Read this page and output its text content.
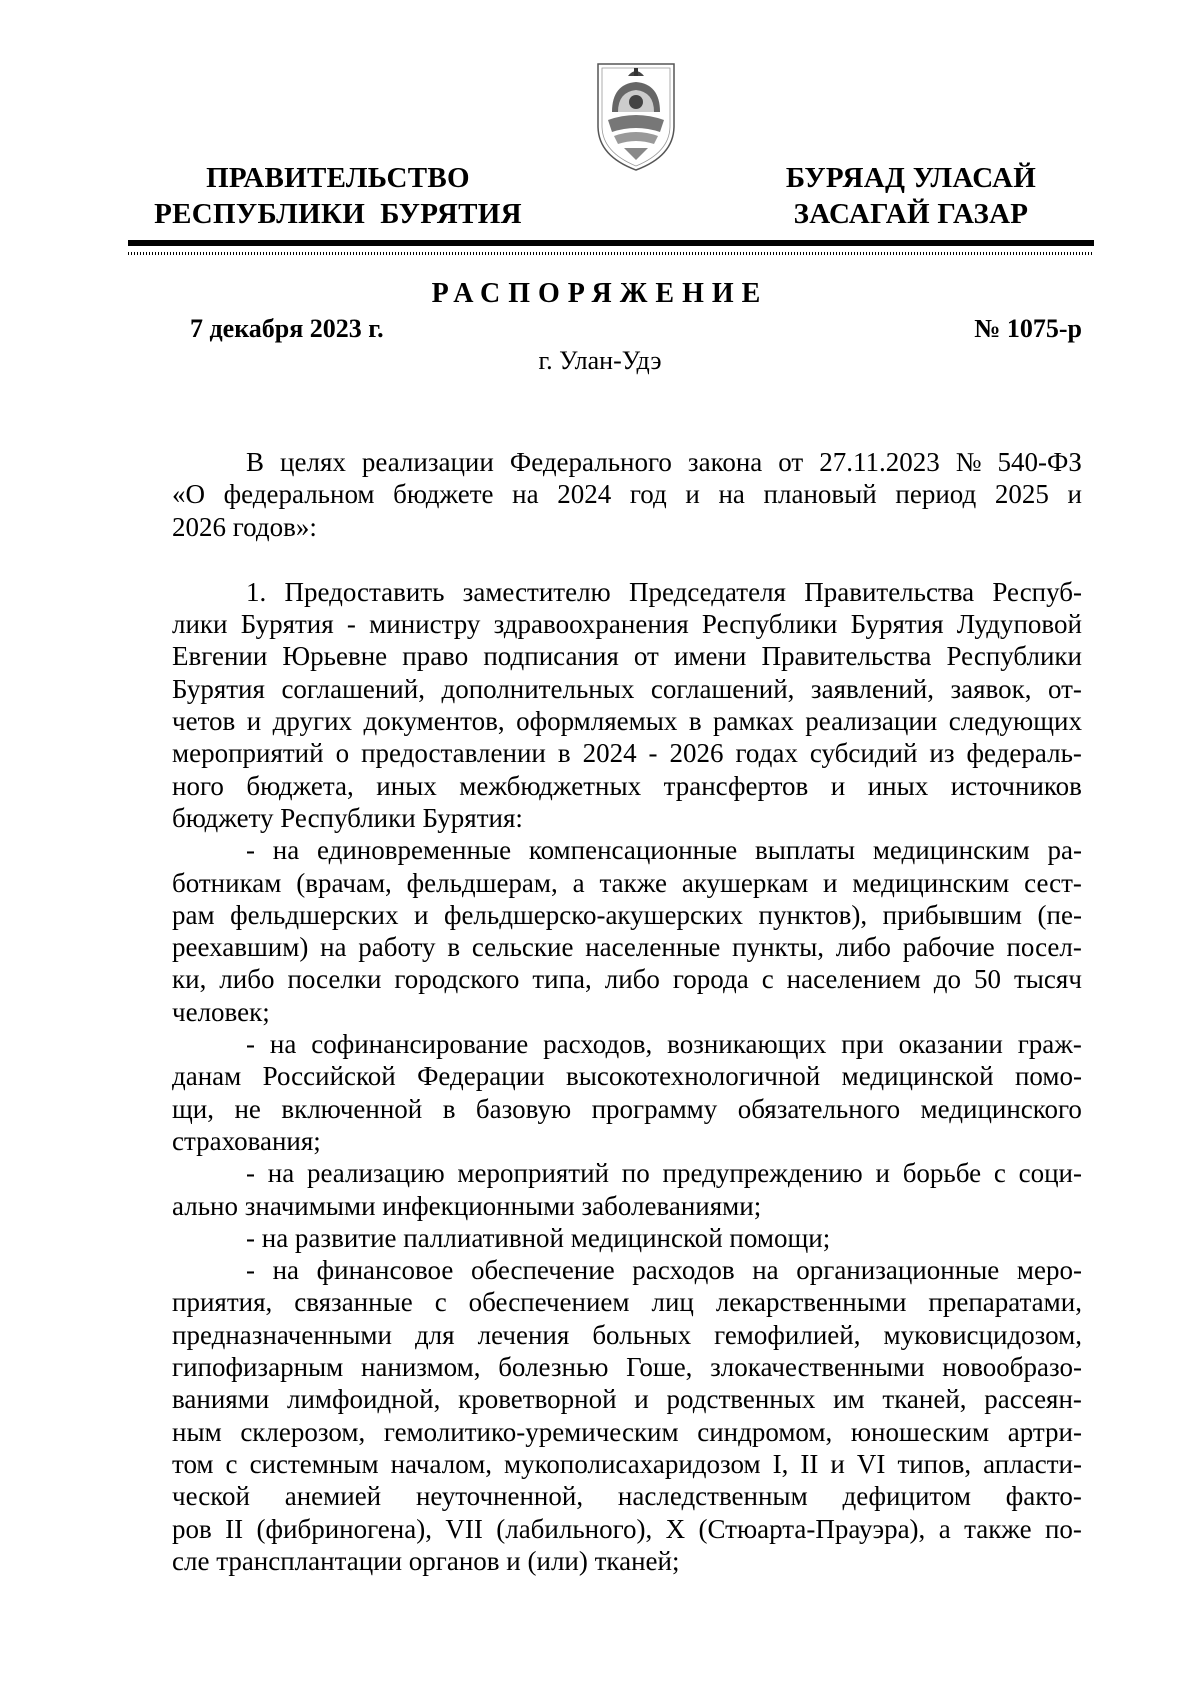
ПРАВИТЕЛЬСТВО
РЕСПУБЛИКИ  БУРЯТИЯ
БУРЯАД УЛАСАЙ
ЗАСАГАЙ ГАЗАР
РАСПОРЯЖЕНИЕ
7 декабря 2023 г.	№ 1075-р
г. Улан-Удэ
В целях реализации Федерального закона от 27.11.2023 № 540-ФЗ
«О федеральном бюджете на 2024 год и на плановый период 2025 и
2026 годов»:
1. Предоставить заместителю Председателя Правительства Респуб-
лики Бурятия - министру здравоохранения Республики Бурятия Лудуповой
Евгении Юрьевне право подписания от имени Правительства Республики
Бурятия соглашений, дополнительных соглашений, заявлений, заявок, от-
четов и других документов, оформляемых в рамках реализации следующих
мероприятий о предоставлении в 2024 - 2026 годах субсидий из федераль-
ного бюджета, иных межбюджетных трансфертов и иных источников
бюджету Республики Бурятия:
- на единовременные компенсационные выплаты медицинским ра-
ботникам (врачам, фельдшерам, а также акушеркам и медицинским сест-
рам фельдшерских и фельдшерско-акушерских пунктов), прибывшим (пе-
реехавшим) на работу в сельские населенные пункты, либо рабочие посел-
ки, либо поселки городского типа, либо города с населением до 50 тысяч
человек;
- на софинансирование расходов, возникающих при оказании граж-
данам Российской Федерации высокотехнологичной медицинской помо-
щи, не включенной в базовую программу обязательного медицинского
страхования;
- на реализацию мероприятий по предупреждению и борьбе с соци-
ально значимыми инфекционными заболеваниями;
- на развитие паллиативной медицинской помощи;
- на финансовое обеспечение расходов на организационные меро-
приятия, связанные с обеспечением лиц лекарственными препаратами,
предназначенными для лечения больных гемофилией, муковисцидозом,
гипофизарным нанизмом, болезнью Гоше, злокачественными новообразо-
ваниями лимфоидной, кроветворной и родственных им тканей, рассеян-
ным склерозом, гемолитико-уремическим синдромом, юношеским артри-
том с системным началом, мукополисахаридозом I, II и VI типов, апласти-
ческой анемией неуточненной, наследственным дефицитом факто-
ров II (фибриногена), VII (лабильного), X (Стюарта-Прауэра), а также по-
сле трансплантации органов и (или) тканей;
